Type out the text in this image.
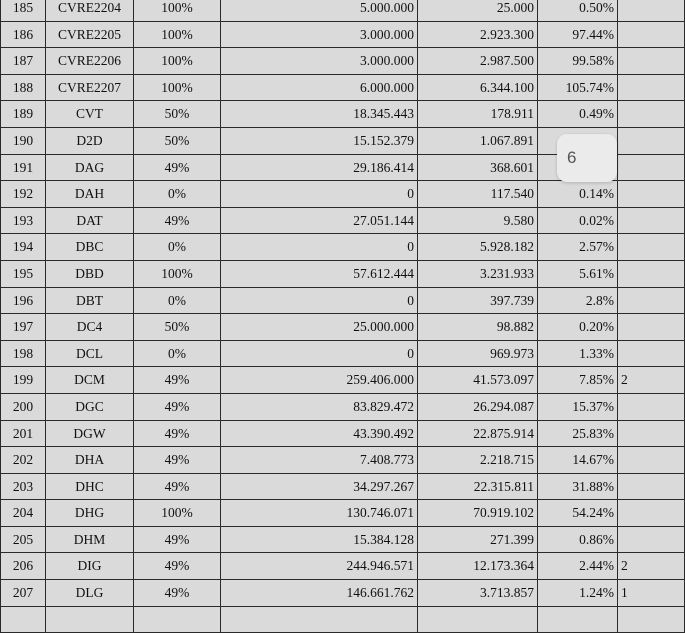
185	CVRE2204	100%	5.000.000	25.000	0.50%	
186	CVRE2205	100%	3.000.000	2.923.300	97.44%	
187	CVRE2206	100%	3.000.000	2.987.500	99.58%	
188	CVRE2207	100%	6.000.000	6.344.100	105.74%	
189	CVT	50%	18.345.443	178.911	0.49%	
190	D2D	50%	15.152.379	1.067.891		
191	DAG	49%	29.186.414	368.601		
192	DAH	0%	0	117.540	0.14%	
193	DAT	49%	27.051.144	9.580	0.02%	
194	DBC	0%	0	5.928.182	2.57%	
195	DBD	100%	57.612.444	3.231.933	5.61%	
196	DBT	0%	0	397.739	2.8%	
197	DC4	50%	25.000.000	98.882	0.20%	
198	DCL	0%	0	969.973	1.33%	
199	DCM	49%	259.406.000	41.573.097	7.85%	2
200	DGC	49%	83.829.472	26.294.087	15.37%	
201	DGW	49%	43.390.492	22.875.914	25.83%	
202	DHA	49%	7.408.773	2.218.715	14.67%	
203	DHC	49%	34.297.267	22.315.811	31.88%	
204	DHG	100%	130.746.071	70.919.102	54.24%	
205	DHM	49%	15.384.128	271.399	0.86%	
206	DIG	49%	244.946.571	12.173.364	2.44%	2
207	DLG	49%	146.661.762	3.713.857	1.24%	1

6
